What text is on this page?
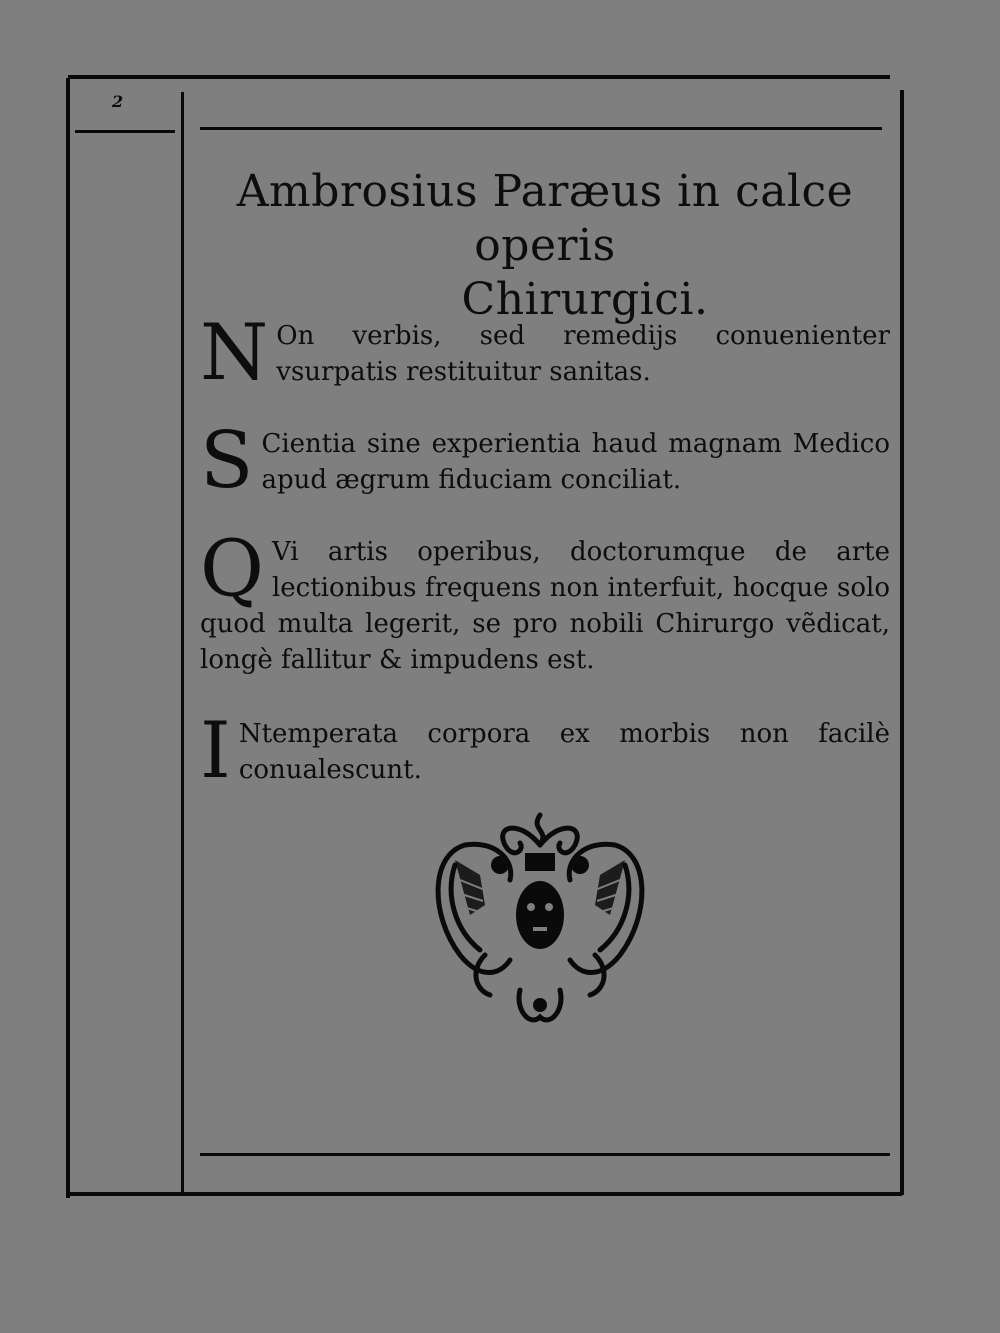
2
Ambrosius Paræus in calce operis
Chirurgici.
N On verbis, sed remedijs conuenienter vsurpatis restituitur sanitas.
S Cientia sine experientia haud magnam Medico apud ægrum fiduciam conciliat.
Q Vi artis operibus, doctorumque de arte lectionibus frequens non interfuit, hocque solo quod multa legerit, se pro nobili Chirurgo vẽdicat, longè fallitur & impudens est.
I Ntemperata corpora ex morbis non facilè conualescunt.
